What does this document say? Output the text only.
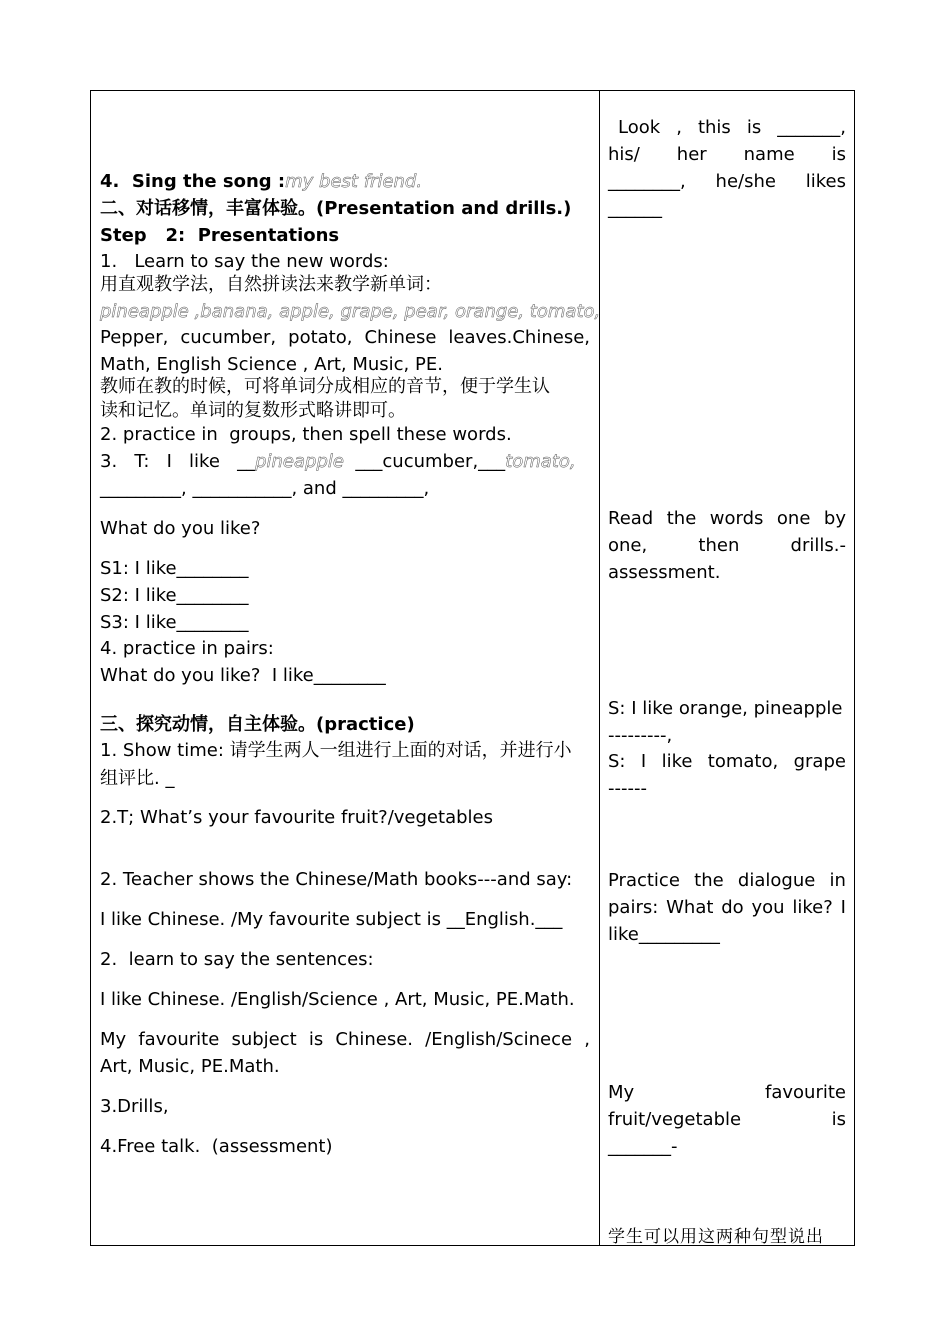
4.  Sing the song :my best friend.
二、对话移情，丰富体验。(Presentation and drills.)
Step   2:  Presentations
1.   Learn to say the new words:
用直观教学法，自然拼读法来教学新单词：
pineapple ,banana, apple, grape, pear, orange, tomato,
Pepper, cucumber, potato, Chinese leaves.Chinese,
Math, English Science , Art, Music, PE.
教师在教的时候，可将单词分成相应的音节，便于学生认
读和记忆。单词的复数形式略讲即可。
2. practice in  groups, then spell these words.
3.   T:   I   like   __pineapple  ___cucumber,___tomato,
_________, ___________, and _________,
What do you like?
S1: I like________
S2: I like________
S3: I like________
4. practice in pairs:
What do you like?  I like________
三、探究动情，自主体验。(practice)
1. Show time: 请学生两人一组进行上面的对话，并进行小
组评比. _
2.T; What’s your favourite fruit?/vegetables
2. Teacher shows the Chinese/Math books---and say:
I like Chinese. /My favourite subject is __English.___
2.  learn to say the sentences:
I like Chinese. /English/Science , Art, Music, PE.Math.
My favourite subject is Chinese. /English/Scinece ,
Art, Music, PE.Math.
3.Drills,
4.Free talk.  (assessment)
Look , this is _______,
his/ her name is
________, he/she likes
______
Read the words one by
one,	then	drills.-
assessment.
S: I like orange, pineapple
---------,
S: I like tomato, grape
------
Practice the dialogue in
pairs: What do you like? I
like_________
My	favourite
fruit/vegetable	is
_______-
学生可以用这两种句型说出
